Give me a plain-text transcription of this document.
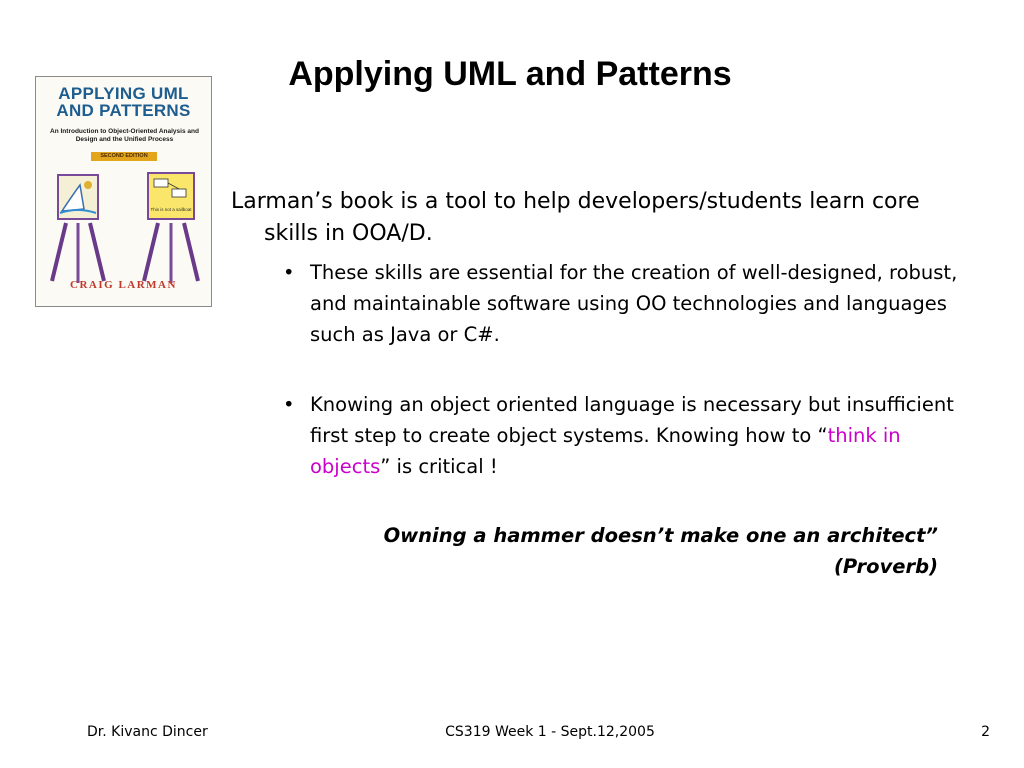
Applying UML and Patterns
APPLYING UML
AND PATTERNS
An Introduction to Object-Oriented Analysis and Design and the Unified Process
SECOND EDITION
This is not a sailboat
CRAIG LARMAN
Larman’s book is a tool to help developers/students learn core skills in OOA/D.
• These skills are essential for the creation of well-designed, robust, and maintainable software using OO technologies and languages such as Java or C#.
• Knowing an object oriented language is necessary but insufficient first step to create object systems. Knowing how to “think in objects” is critical !
Owning a hammer doesn’t make one an architect”
(Proverb)
Dr. Kivanc Dincer	CS319 Week 1 - Sept.12,2005	2
